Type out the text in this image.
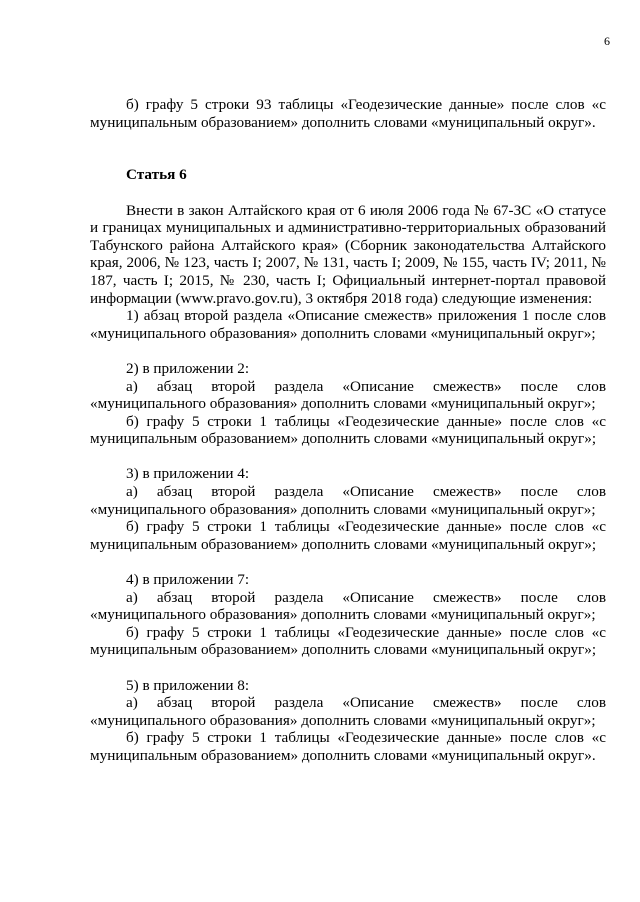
6

б) графу 5 строки 93 таблицы «Геодезические данные» после слов «с муниципальным образованием» дополнить словами «муниципальный округ».

Статья 6

Внести в закон Алтайского края от 6 июля 2006 года № 67-ЗС «О статусе и границах муниципальных и административно-территориальных образований Табунского района Алтайского края» (Сборник законодательства Алтайского края, 2006, № 123, часть I; 2007, № 131, часть I; 2009, № 155, часть IV; 2011, № 187, часть I; 2015, № 230, часть I; Официальный интернет-портал правовой информации (www.pravo.gov.ru), 3 октября 2018 года) следующие изменения:

1) абзац второй раздела «Описание смежеств» приложения 1 после слов «муниципального образования» дополнить словами «муниципальный округ»;

2) в приложении 2:

а) абзац второй раздела «Описание смежеств» после слов «муниципального образования» дополнить словами «муниципальный округ»;

б) графу 5 строки 1 таблицы «Геодезические данные» после слов «с муниципальным образованием» дополнить словами «муниципальный округ»;

3) в приложении 4:

а) абзац второй раздела «Описание смежеств» после слов «муниципального образования» дополнить словами «муниципальный округ»;

б) графу 5 строки 1 таблицы «Геодезические данные» после слов «с муниципальным образованием» дополнить словами «муниципальный округ»;

4) в приложении 7:

а) абзац второй раздела «Описание смежеств» после слов «муниципального образования» дополнить словами «муниципальный округ»;

б) графу 5 строки 1 таблицы «Геодезические данные» после слов «с муниципальным образованием» дополнить словами «муниципальный округ»;

5) в приложении 8:

а) абзац второй раздела «Описание смежеств» после слов «муниципального образования» дополнить словами «муниципальный округ»;

б) графу 5 строки 1 таблицы «Геодезические данные» после слов «с муниципальным образованием» дополнить словами «муниципальный округ».
